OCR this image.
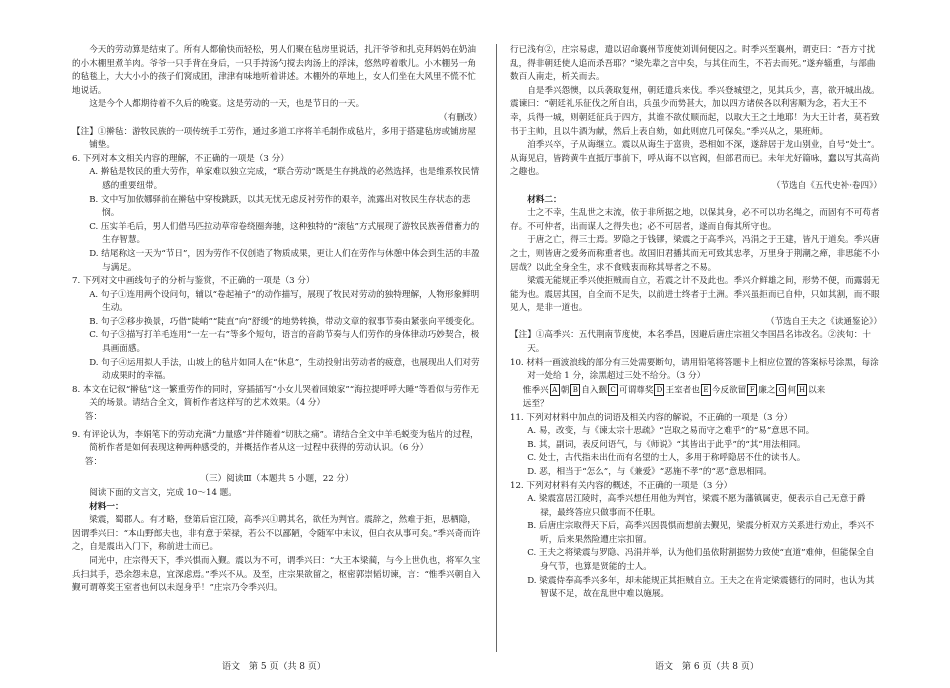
今天的劳动算是结束了。所有人都偷快而轻松，男人们聚在毡房里说话，扎汗爷爷和扎克拜妈妈在奶油的小木棚里煮羊肉。爷爷一只手背在身后，一只手持汤勺搅去肉汤上的浮沫，悠然哼着歌儿。小木棚另一角的毡毯上，大大小小的孩子们窝成团，津津有味地听着讲述。木棚外的草地上，女人们坐在大风里不慌不忙地说话。

这是今个人都期待着不久后的晚宴。这是劳动的一天，也是节日的一天。

（有删改）

【注】①擀毡：游牧民族的一项传统手工劳作，通过多道工序将羊毛制作成毡片，多用于搭建毡房或铺房屋铺垫。

6. 下列对本文相关内容的理解，不正确的一项是（3 分）

A. 擀毡是牧民的重大劳作，单家难以独立完成，“联合劳动”既是生存挑战的必然选择，也是维系牧民情感的重要纽带。

B. 文中写加依娜驿前在擀毡中穿梭跳跃，以其无忧无虑反衬劳作的艰辛，流露出对牧民生存状态的悲悯。

C. 压实羊毛后，男人们借马匹拉动草帘卷绕圈奔驰，这种独特的“滚毡”方式展现了游牧民族善借畜力的生存智慧。

D. 结尾称这一天为“节日”，因为劳作不仅创造了物质成果，更让人们在劳作与休憩中体会到生活的丰盈与满足。

7. 下列对文中画线句子的分析与鉴赏，不正确的一项是（3 分）

A. 句子①连用两个设问句，辅以“卷起袖子”的动作描写，展现了牧民对劳动的独特理解，人物形象鲜明生动。

B. 句子②移步换景，巧借“陡峭”“陡直”向“舒缓”的地势转换，带动文章的叙事节奏由紧张向平缓变化。

C. 句子③描写打羊毛连用“一左一右”等多个短句，语言的音韵节奏与人们劳作的身体律动巧妙契合，极具画面感。

D. 句子④运用拟人手法，山坡上的毡片如同人在“休息”，生动投射出劳动者的疲意，也展现出人们对劳动成果时的幸福。

8. 本文在记叙“擀毡”这一繁重劳作的同时，穿插插写“小女儿哭着回娘家”“海拉提呼呼大睡”等看似与劳作无关的场景。请结合全文，简析作者这样写的艺术效果。（4 分）

答：

9. 有评论认为，李娟笔下的劳动充满“力量感”并伴随着“切肤之痛”。请结合全文中羊毛蜕变为毡片的过程，简析作者是如何表现这种两种感受的，并概括作者从这一过程中获得的劳动认识。（6 分）

答：

（三）阅读Ⅲ（本题共 5 小题，22 分）

阅读下面的文言文，完成 10～14 题。

材料一：

梁震，蜀郡人。有才略，登第后宦江陵，高季兴①聘其名，欲任为判官。震辞之，然难于拒，思栖隐，因谓季兴曰：“本山野郎夫也，非有意于荣禄，若公不以鄙陋，令随军中末议，但白衣从事可矣。”季兴奇而许之，自是震出入门下，称前进士而已。

同光中，庄宗得天下，季兴惧而入觐。震以为不可，谓季兴曰：“大王本梁蔺，与今上世仇也，将军久宝兵扫其手，恐余怨未息，宜深虑焉。”季兴不从。及至，庄宗果欲留之，枢密郭崇韬切谏，言：“惟季兴朝自入觐可谓尊奖王室者也何以未逞身乎！”庄宗乃令季兴归。

行已浅有②，庄宗易虑，遣以诏命襄州节度使刘训伺便囚之。时季兴至襄州，谓吏曰：“吾方寸扰乱，得非朝廷使人追而杀吾耶？”梁先辈之言中矣，与其住而生，不若去而死。”遂弃辎重，与部曲数百人南走，析关而去。

自是季兴怨懊，以兵袭取复州，朝廷遣兵来伐。季兴登城望之，见其兵少，喜，欲开城出战。震谏曰：“朝廷礼乐征伐之所自出，兵虽少而势甚大，加以四方诸侯各以利害顺为念，若大王不幸，兵得一城，则朝廷征兵于四方，其谁不欲仗顺而起，以取大王之土地耶！为大王计者，莫若致书于主帅，且以牛酒为献，然后上表自劾，如此则庶几可保矣。”季兴从之，果班师。

洎季兴卒，子从诲继立。震以从诲生于富贵，恐相如不深，遂辞居于龙山别业，自号“处士”。从诲见启，皆跨黄牛直抵厅事前下，呼从诲不以官阀，但部君而已。未年尤好篇咏，蠢以写其高尚之趣也。

（节选自《五代史补·卷四》）

材料二：

士之不幸，生乱世之末流，依于非所据之地，以保其身，必不可以功名绳之，而固有不可苟者存。不可仲者，出而谋人之得失也；必不可居者，遂而自侮其所守也。

于唐之亡，得三士焉。罗隐之于钱镠，梁震之于高季兴，冯涓之于王建，皆凡于道矣。季兴唐之士，则皆唐之爱务而称重者也。故国旧君播其而无可致其忠孝，万里身于荆潮之瘅，非思能不小居哉？以此全身全生，求不食贱衷而称其辱者之不易。

梁震无能规正季兴使拒贼而自立，若震之计不及此也。季兴介鲜雄之间，形势不便，而露弱无能为也。震居其国，自全而不足失，以前进士终者于土洲。季兴虽拒而已自仲，只如其割，而不眼见人，是非一道也。

（节选自王夫之《读通鉴论》）

【注】①高季兴：五代荆南节度使，本名季昌，因避后唐庄宗祖父李国昌名讳改名。②浃旬：十天。

10. 材料一画波浪线的部分有三处需要断句，请用铅笔将答题卡上相应位置的答案标号涂黑，每涂对一处给 1 分，涂黑超过三处不给分。（3 分）

惟季兴 A 朝 B 自入觐 C 可谓尊奖 D 王室者也 E 今反欲留 F 廉之 G 何 H 以来
远至？

11. 下列对材料中加点的词语及相关内容的解说，不正确的一项是（3 分）

A. 易，改变，与《谏太宗十思疏》“岂取之易而守之难乎”的“易”意思不同。

B. 其，副词，表反问语气，与《师说》“其皆出于此乎”的“其”用法相同。

C. 处士，古代指未出仕而有名望的士人，多用于称呼隐居不仕的读书人。

D. 恶，相当于“怎么”，与《兼爱》“恶施不孝”的“恶”意思相同。

12. 下列对材料有关内容的概述，不正确的一项是（3 分）

A. 梁震富居江陵时，高季兴想任用他为判官，梁震不愿为藩镇属吏，便表示自己无意于爵禄，最终答应只做事而不任职。

B. 后唐庄宗取得天下后，高季兴因畏惧而想前去觐见，梁震分析双方关系进行劝止，季兴不听，后来果然险遭庄宗扣留。

C. 王夫之将梁震与罗隐、冯涓并举，认为他们虽依附割据势力致使“直道”难伸，但能保全自身气节，也算是贤能的士人。

D. 梁震侍奉高季兴多年，却未能规正其拒贼自立。王夫之在肯定梁震德行的同时，也认为其智谋不足，故在乱世中难以施展。

语文　第 5 页（共 8 页）	语文　第 6 页（共 8 页）
